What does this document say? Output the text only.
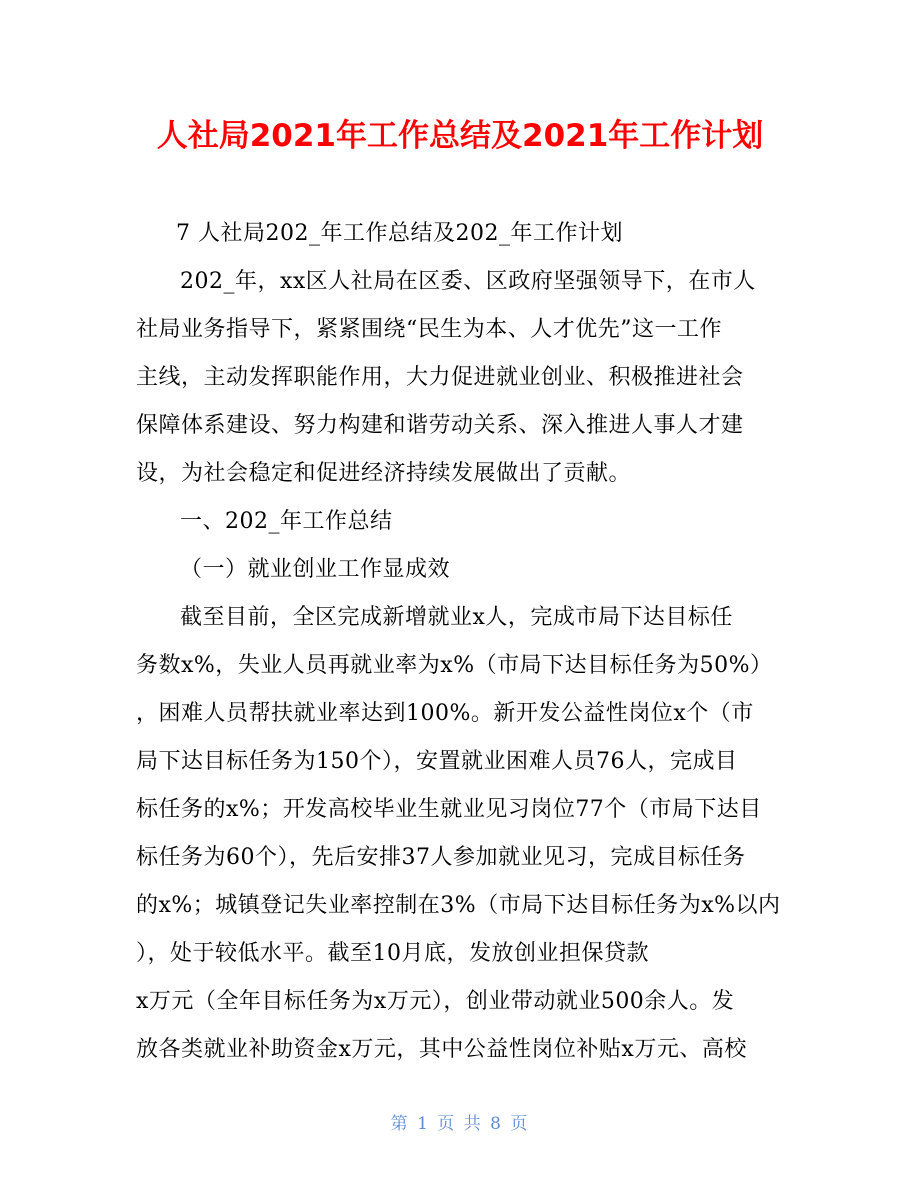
人社局2021年工作总结及2021年工作计划

7 人社局202_年工作总结及202_年工作计划

202_年，xx区人社局在区委、区政府坚强领导下，在市人
社局业务指导下，紧紧围绕“民生为本、人才优先”这一工作
主线，主动发挥职能作用，大力促进就业创业、积极推进社会
保障体系建设、努力构建和谐劳动关系、深入推进人事人才建
设，为社会稳定和促进经济持续发展做出了贡献。

一、202_年工作总结

（一）就业创业工作显成效

截至目前，全区完成新增就业x人，完成市局下达目标任
务数x%，失业人员再就业率为x%（市局下达目标任务为50%）
，困难人员帮扶就业率达到100%。新开发公益性岗位x个（市
局下达目标任务为150个），安置就业困难人员76人，完成目
标任务的x%；开发高校毕业生就业见习岗位77个（市局下达目
标任务为60个），先后安排37人参加就业见习，完成目标任务
的x%；城镇登记失业率控制在3%（市局下达目标任务为x%以内
），处于较低水平。截至10月底，发放创业担保贷款
x万元（全年目标任务为x万元），创业带动就业500余人。发
放各类就业补助资金x万元，其中公益性岗位补贴x万元、高校

第 1 页 共 8 页
